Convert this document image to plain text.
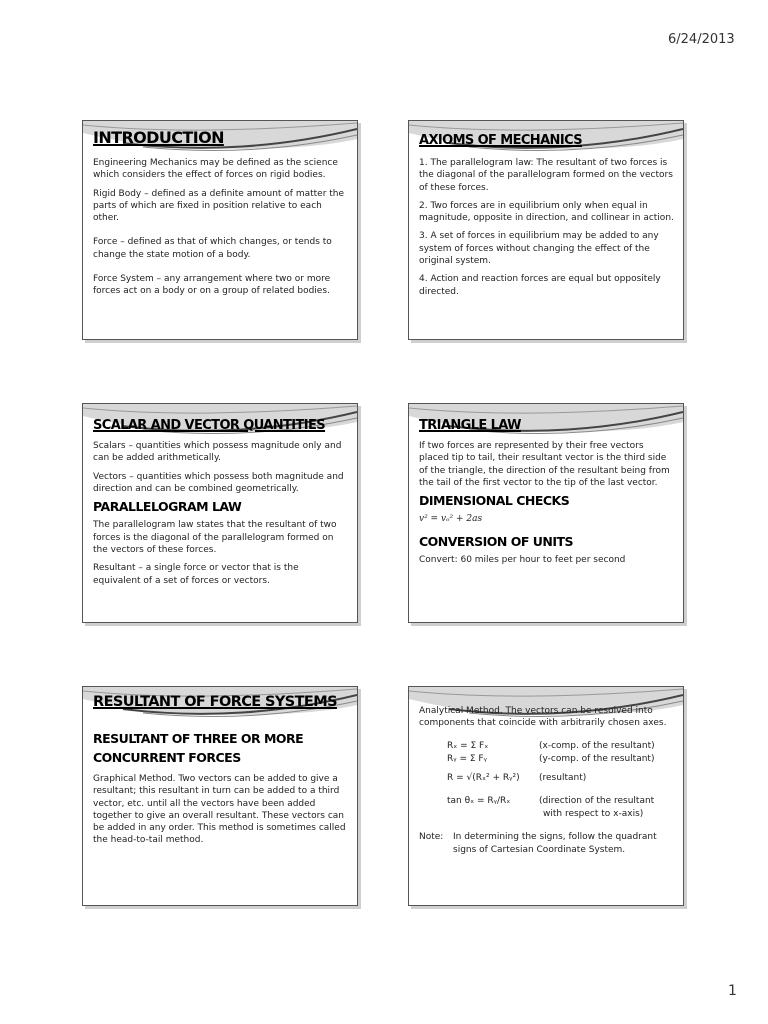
6/24/2013
INTRODUCTION

Engineering Mechanics may be defined as the science which considers the effect of forces on rigid bodies.

Rigid Body – defined as a definite amount of matter the parts of which are fixed in position relative to each other.

Force – defined as that of which changes, or tends to change the state motion of a body.

Force System – any arrangement where two or more forces act on a body or on a group of related bodies.

AXIOMS OF MECHANICS

1. The parallelogram law: The resultant of two forces is the diagonal of the parallelogram formed on the vectors of these forces.

2. Two forces are in equilibrium only when equal in magnitude, opposite in direction, and collinear in action.

3. A set of forces in equilibrium may be added to any system of forces without changing the effect of the original system.

4. Action and reaction forces are equal but oppositely directed.

SCALAR AND VECTOR QUANTITIES

Scalars – quantities which possess magnitude only and can be added arithmetically.

Vectors – quantities which possess both magnitude and direction and can be combined geometrically.

PARALLELOGRAM LAW

The parallelogram law states that the resultant of two forces is the diagonal of the parallelogram formed on the vectors of these forces.

Resultant – a single force or vector that is the equivalent of a set of forces or vectors.

TRIANGLE LAW

If two forces are represented by their free vectors placed tip to tail, their resultant vector is the third side of the triangle, the direction of the resultant being from the tail of the first vector to the tip of the last vector.

DIMENSIONAL CHECKS
v² = vₒ² + 2as
CONVERSION OF UNITS

Convert: 60 miles per hour to feet per second

RESULTANT OF FORCE SYSTEMS
RESULTANT OF THREE OR MORE CONCURRENT FORCES

Graphical Method. Two vectors can be added to give a resultant; this resultant in turn can be added to a third vector, etc. until all the vectors have been added together to give an overall resultant. These vectors can be added in any order. This method is sometimes called the head-to-tail method.

Analytical Method. The vectors can be resolved into components that coincide with arbitrarily chosen axes.

Rₓ = Σ Fₓ	(x-comp. of the resultant)
Rᵧ = Σ Fᵧ	(y-comp. of the resultant)
R = √(Rₓ² + Rᵧ²)	(resultant)
tan θₓ = Rᵧ/Rₓ	(direction of the resultant
with respect to x-axis)
Note:	In determining the signs, follow the quadrant signs of Cartesian Coordinate System.
1
